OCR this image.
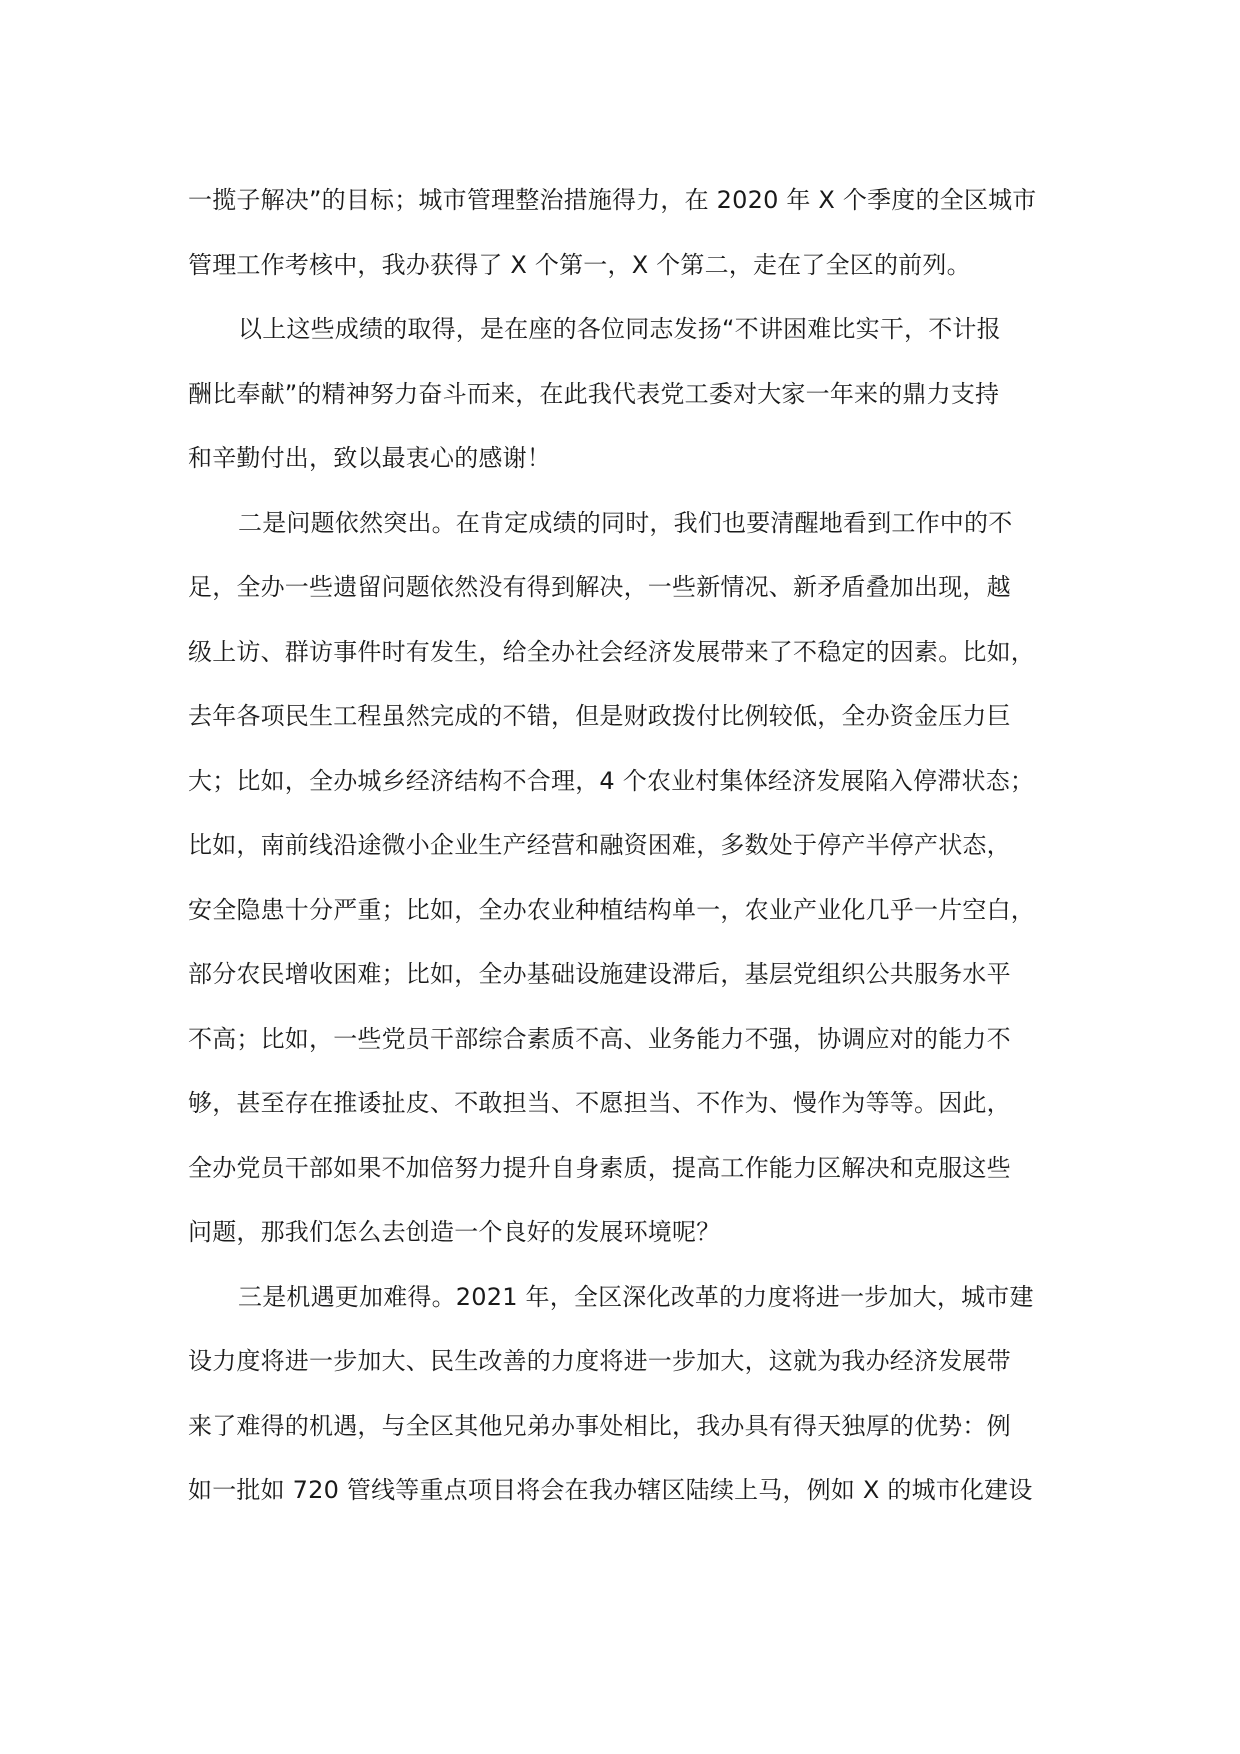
一揽子解决”的目标；城市管理整治措施得力，在 2020 年 X 个季度的全区城市
管理工作考核中，我办获得了 X 个第一，X 个第二，走在了全区的前列。
以上这些成绩的取得，是在座的各位同志发扬“不讲困难比实干，不计报
酬比奉献”的精神努力奋斗而来，在此我代表党工委对大家一年来的鼎力支持
和辛勤付出，致以最衷心的感谢！
二是问题依然突出。在肯定成绩的同时，我们也要清醒地看到工作中的不
足，全办一些遗留问题依然没有得到解决，一些新情况、新矛盾叠加出现，越
级上访、群访事件时有发生，给全办社会经济发展带来了不稳定的因素。比如，
去年各项民生工程虽然完成的不错，但是财政拨付比例较低，全办资金压力巨
大；比如，全办城乡经济结构不合理，4 个农业村集体经济发展陷入停滞状态；
比如，南前线沿途微小企业生产经营和融资困难，多数处于停产半停产状态，
安全隐患十分严重；比如，全办农业种植结构单一，农业产业化几乎一片空白，
部分农民增收困难；比如，全办基础设施建设滞后，基层党组织公共服务水平
不高；比如，一些党员干部综合素质不高、业务能力不强，协调应对的能力不
够，甚至存在推诿扯皮、不敢担当、不愿担当、不作为、慢作为等等。因此，
全办党员干部如果不加倍努力提升自身素质，提高工作能力区解决和克服这些
问题，那我们怎么去创造一个良好的发展环境呢？
三是机遇更加难得。2021 年，全区深化改革的力度将进一步加大，城市建
设力度将进一步加大、民生改善的力度将进一步加大，这就为我办经济发展带
来了难得的机遇，与全区其他兄弟办事处相比，我办具有得天独厚的优势：例
如一批如 720 管线等重点项目将会在我办辖区陆续上马，例如 X 的城市化建设
